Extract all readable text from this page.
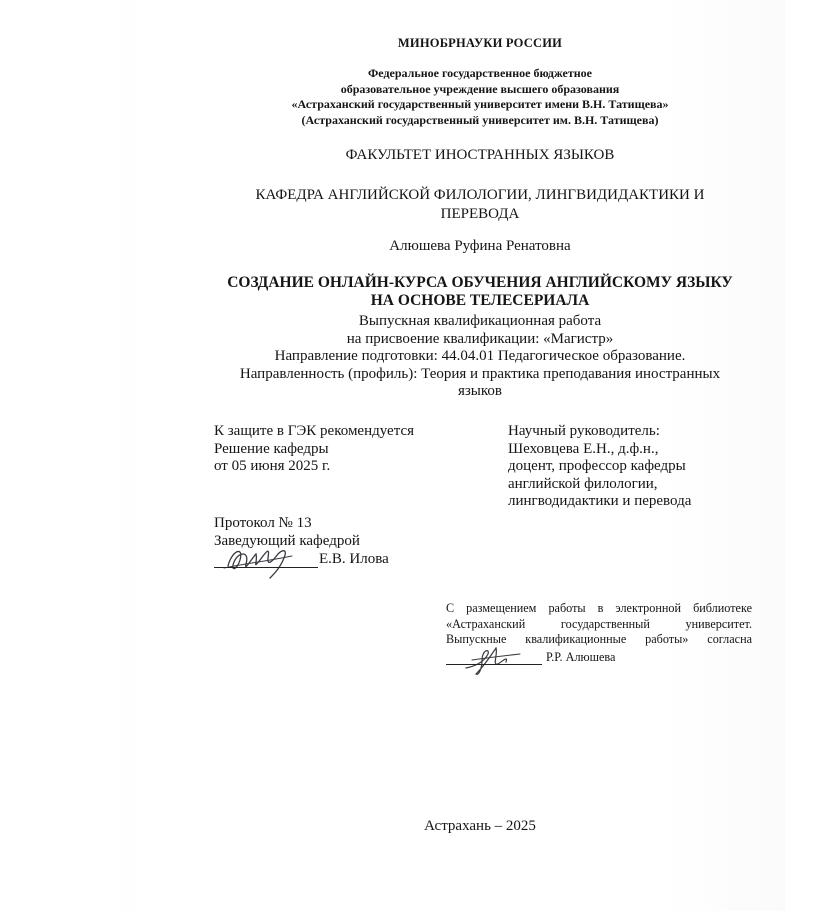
МИНОБРНАУКИ РОССИИ
Федеральное государственное бюджетное
образовательное учреждение высшего образования
«Астраханский государственный университет имени В.Н. Татищева»
(Астраханский государственный университет им. В.Н. Татищева)
ФАКУЛЬТЕТ ИНОСТРАННЫХ ЯЗЫКОВ
КАФЕДРА АНГЛИЙСКОЙ ФИЛОЛОГИИ, ЛИНГВИДИДАКТИКИ И
ПЕРЕВОДА
Алюшева Руфина Ренатовна
СОЗДАНИЕ ОНЛАЙН-КУРСА ОБУЧЕНИЯ АНГЛИЙСКОМУ ЯЗЫКУ
НА ОСНОВЕ ТЕЛЕСЕРИАЛА
Выпускная квалификационная работа
на присвоение квалификации: «Магистр»
Направление подготовки: 44.04.01 Педагогическое образование.
Направленность (профиль): Теория и практика преподавания иностранных
языков
К защите в ГЭК рекомендуется
Решение кафедры
от 05 июня 2025 г.
Научный руководитель:
Шеховцева Е.Н., д.ф.н.,
доцент, профессор кафедры
английской филологии,
лингводидактики и перевода
Протокол № 13
Заведующий кафедрой
Е.В. Илова
С размещением работы в электронной библиотеке
«Астраханский государственный университет.
Выпускные квалификационные работы» согласна
Р.Р. Алюшева
Астрахань – 2025
